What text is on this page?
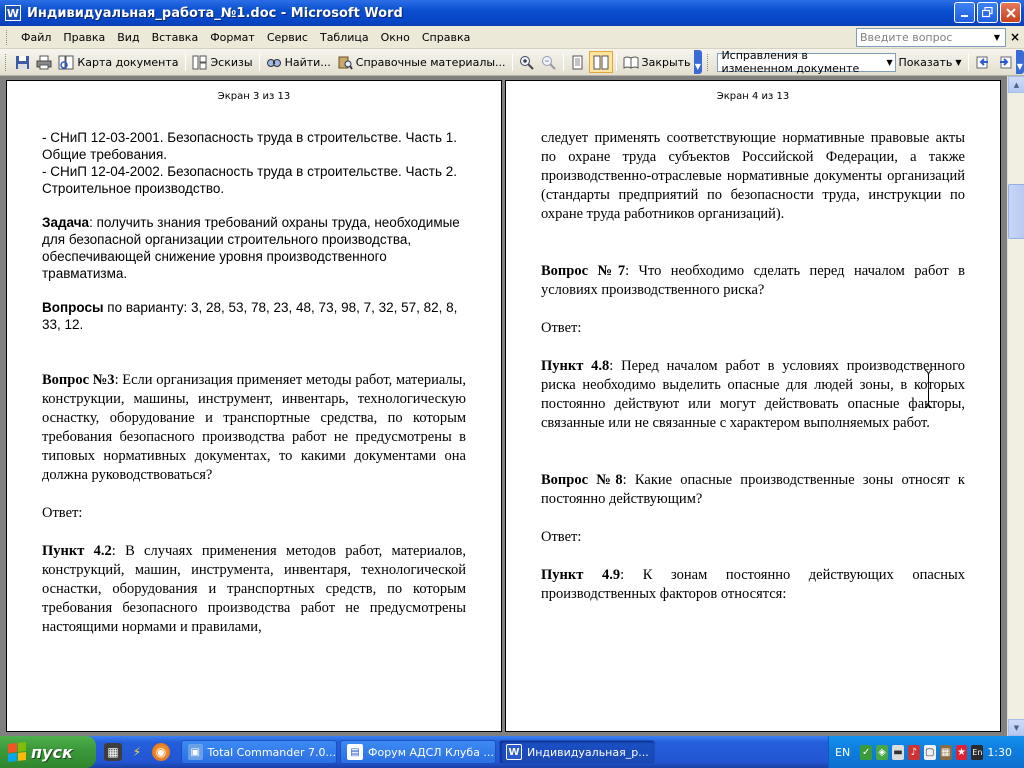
W Индивидуальная_работа_№1.doc - Microsoft Word
Файл	Правка	Вид	Вставка	Формат	Сервис	Таблица	Окно	Справка
Введите вопрос	▼ ×
Карта документа	Эскизы	Найти... Справочные материалы...	Закрыть ▼
Исправления в измененном документе	▼ Показать ▼	▼
Экран 3 из 13

- СНиП 12-03-2001. Безопасность труда в строительстве. Часть 1. Общие требования.

- СНиП 12-04-2002. Безопасность труда в строительстве. Часть 2. Строительное производство.

Задача: получить знания требований охраны труда, необходимые для безопасной организации строительного производства, обеспечивающей снижение уровня производственного травматизма.

Вопросы по варианту: 3, 28, 53, 78, 23, 48, 73, 98, 7, 32, 57, 82, 8, 33, 12.

Вопрос №3: Если организация применяет методы работ, материалы, конструкции, машины, инструмент, инвентарь, технологическую оснастку, оборудование и транспортные средства, по которым требования безопасного производства работ не предусмотрены в типовых нормативных документах, то какими документами она должна руководствоваться?

Ответ:

Пункт 4.2: В случаях применения методов работ, материалов, конструкций, машин, инструмента, инвентаря, технологической оснастки, оборудования и транспортных средств, по которым требования безопасного производства работ не предусмотрены настоящими нормами и правилами,

Экран 4 из 13

следует применять соответствующие нормативные правовые акты по охране труда субъектов Российской Федерации, а также производственно-отраслевые нормативные документы организаций (стандарты предприятий по безопасности труда, инструкции по охране труда работников организаций).

Вопрос №7: Что необходимо сделать перед началом работ в условиях производственного риска?

Ответ:

Пункт 4.8: Перед началом работ в условиях производственного риска необходимо выделить опасные для людей зоны, в которых постоянно действуют или могут действовать опасные факторы, связанные или не связанные с характером выполняемых работ.

Вопрос №8: Какие опасные производственные зоны относят к постоянно действующим?

Ответ:

Пункт 4.9: К зонам постоянно действующих опасных производственных факторов относятся:

▲
▼
пуск	▦	⚡	◉	▣ Total Commander 7.0...	▤ Форум АДСЛ Клуба ... W Индивидуальная_р...	EN ✓ ◈ ▬ ♪ ▢ ▦ ★ En 1:30
